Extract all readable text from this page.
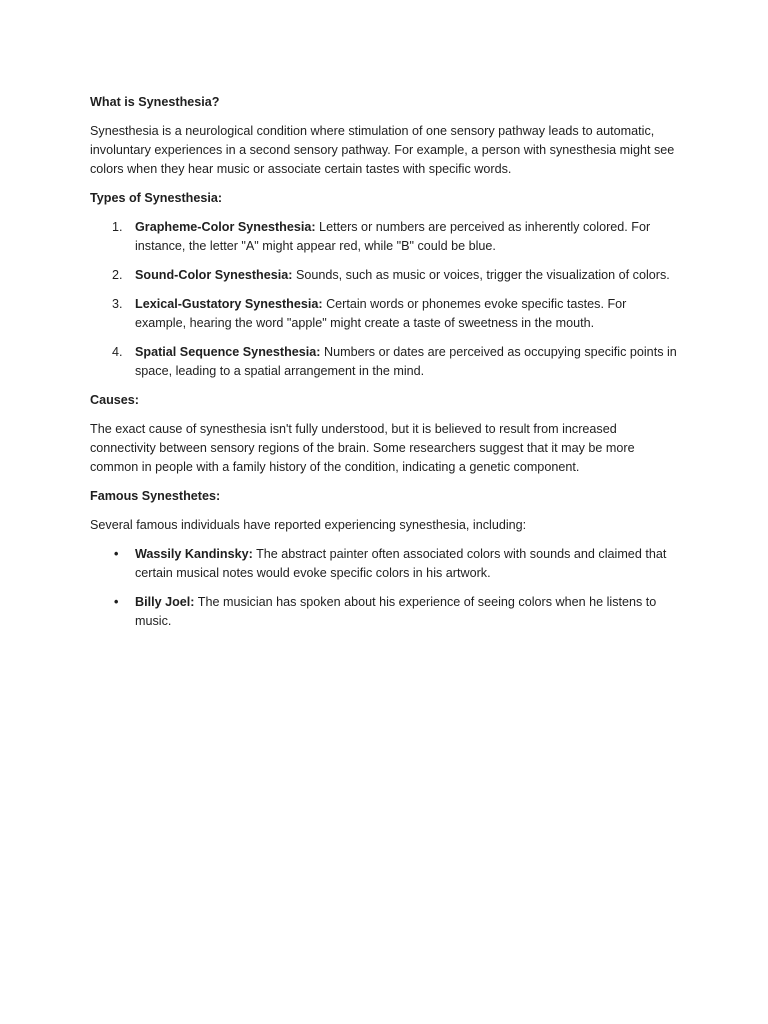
What is Synesthesia?

Synesthesia is a neurological condition where stimulation of one sensory pathway leads to automatic, involuntary experiences in a second sensory pathway. For example, a person with synesthesia might see colors when they hear music or associate certain tastes with specific words.

Types of Synesthesia:

1. Grapheme-Color Synesthesia: Letters or numbers are perceived as inherently colored. For instance, the letter "A" might appear red, while "B" could be blue.
2. Sound-Color Synesthesia: Sounds, such as music or voices, trigger the visualization of colors.
3. Lexical-Gustatory Synesthesia: Certain words or phonemes evoke specific tastes. For example, hearing the word "apple" might create a taste of sweetness in the mouth.
4. Spatial Sequence Synesthesia: Numbers or dates are perceived as occupying specific points in space, leading to a spatial arrangement in the mind.

Causes:

The exact cause of synesthesia isn't fully understood, but it is believed to result from increased connectivity between sensory regions of the brain. Some researchers suggest that it may be more common in people with a family history of the condition, indicating a genetic component.

Famous Synesthetes:

Several famous individuals have reported experiencing synesthesia, including:

• Wassily Kandinsky: The abstract painter often associated colors with sounds and claimed that certain musical notes would evoke specific colors in his artwork.
• Billy Joel: The musician has spoken about his experience of seeing colors when he listens to music.
